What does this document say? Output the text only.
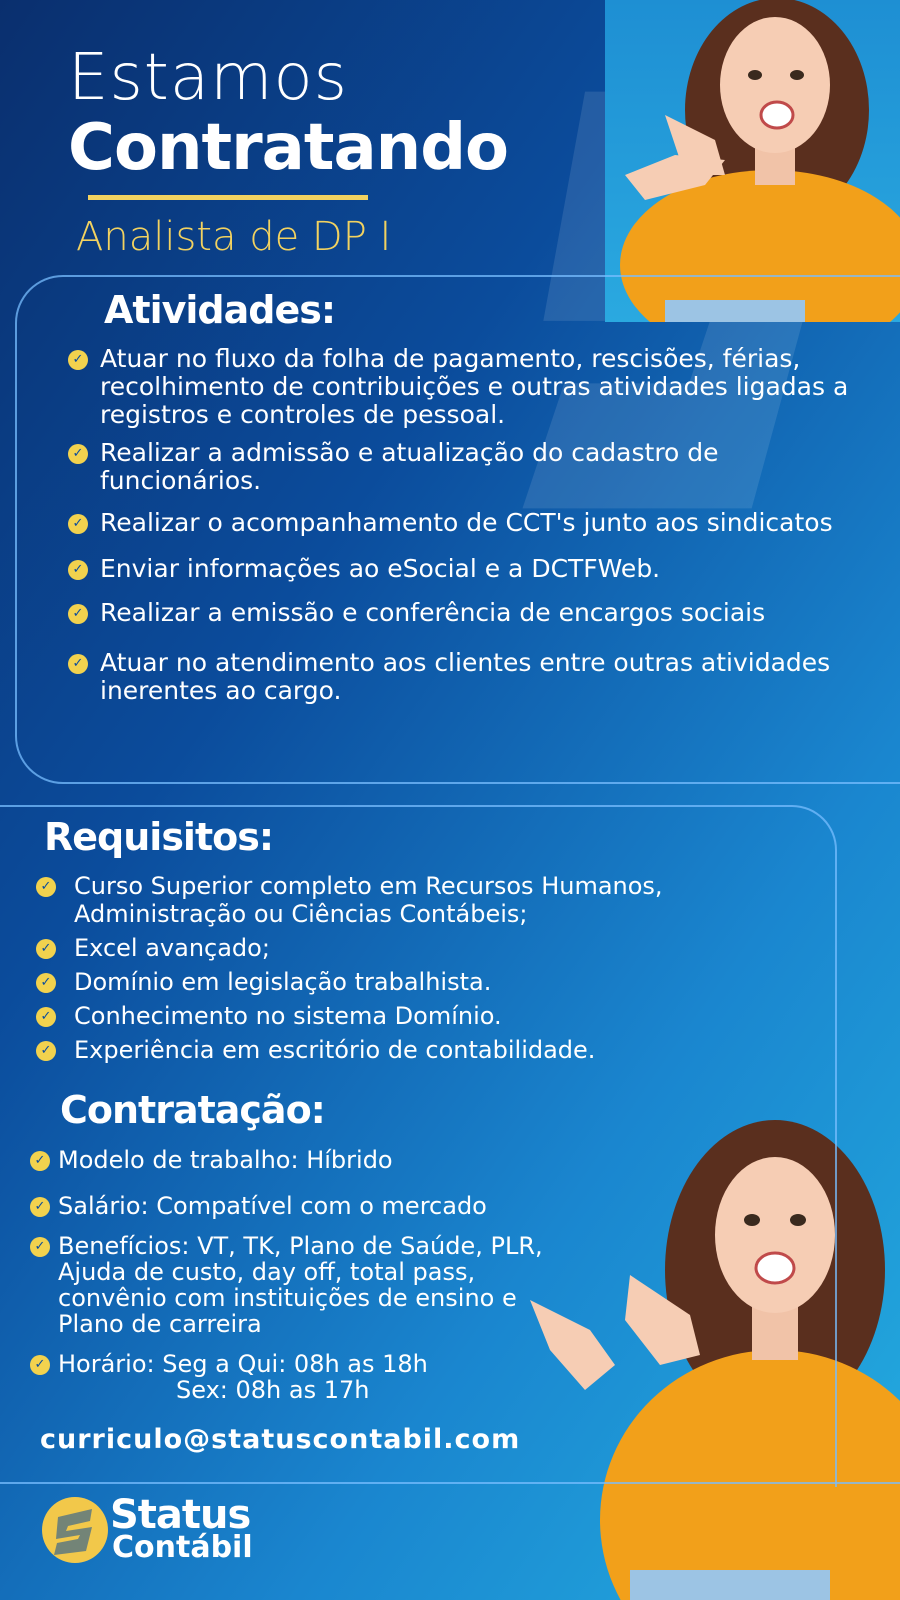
Estamos
Contratando
Analista de DP I
Atividades:
✓ Atuar no fluxo da folha de pagamento, rescisões, férias, recolhimento de contribuições e outras atividades ligadas a registros e controles de pessoal.
✓ Realizar a admissão e atualização do cadastro de funcionários.
✓ Realizar o acompanhamento de CCT's junto aos sindicatos
✓ Enviar informações ao eSocial e a DCTFWeb.
✓ Realizar a emissão e conferência de encargos sociais
✓ Atuar no atendimento aos clientes entre outras atividades inerentes ao cargo.
Requisitos:
✓ Curso Superior completo em Recursos Humanos, Administração ou Ciências Contábeis;
✓ Excel avançado;
✓ Domínio em legislação trabalhista.
✓ Conhecimento no sistema Domínio.
✓ Experiência em escritório de contabilidade.
Contratação:
✓ Modelo de trabalho: Híbrido
✓ Salário: Compatível com o mercado
✓ Benefícios: VT, TK, Plano de Saúde, PLR, Ajuda de custo, day off, total pass, convênio com instituições de ensino e Plano de carreira
✓ Horário: Seg a Qui: 08h as 18h
Sex: 08h as 17h
curriculo@statuscontabil.com
Status
Contábil
